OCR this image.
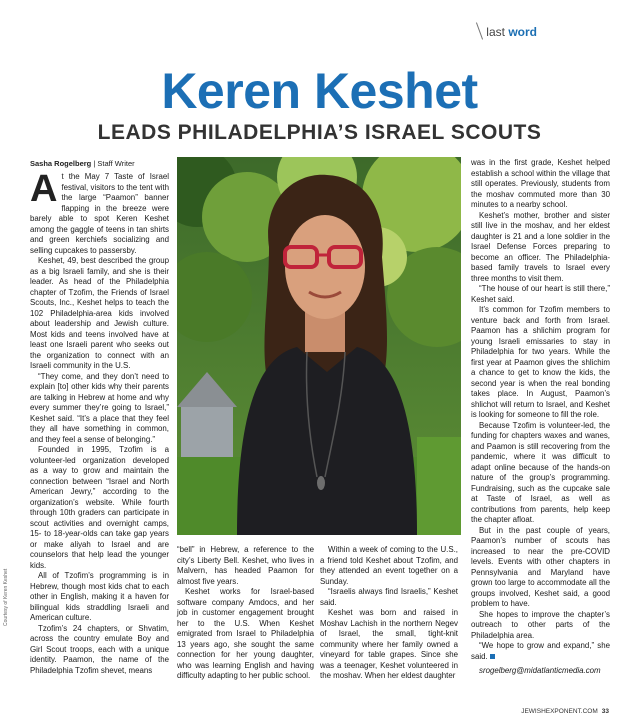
last word
Keren Keshet
LEADS PHILADELPHIA’S ISRAEL SCOUTS
Sasha Rogelberg | Staff Writer
Courtesy of Keren Keshet

At the May 7 Taste of Israel festival, visitors to the tent with the large “Paamon” banner flapping in the breeze were barely able to spot Keren Keshet among the gaggle of teens in tan shirts and green kerchiefs socializing and selling cupcakes to passersby.

Keshet, 49, best described the group as a big Israeli family, and she is their leader. As head of the Philadelphia chapter of Tzofim, the Friends of Israel Scouts, Inc., Keshet helps to teach the 102 Philadelphia-area kids involved about leadership and Jewish culture. Most kids and teens involved have at least one Israeli parent who seeks out the organization to connect with an Israeli community in the U.S.

“They come, and they don’t need to explain [to] other kids why their parents are talking in Hebrew at home and why every summer they’re going to Israel,” Keshet said. “It’s a place that they feel they all have something in common, and they feel a sense of belonging.”

Founded in 1995, Tzofim is a volunteer-led organization developed as a way to grow and maintain the connection between “Israel and North American Jewry,” according to the organization’s website. While fourth through 10th graders can participate in scout activities and overnight camps, 15- to 18-year-olds can take gap years or make aliyah to Israel and are counselors that help lead the younger kids.

All of Tzofim’s programming is in Hebrew, though most kids chat to each other in English, making it a haven for bilingual kids straddling Israeli and American culture.

Tzofim’s 24 chapters, or Shvatim, across the country emulate Boy and Girl Scout troops, each with a unique identity. Paamon, the name of the Philadelphia Tzofim shevet, means

“bell” in Hebrew, a reference to the city’s Liberty Bell. Keshet, who lives in Malvern, has headed Paamon for almost five years.

Keshet works for Israel-based software company Amdocs, and her job in customer engagement brought her to the U.S. When Keshet emigrated from Israel to Philadelphia 13 years ago, she sought the same connection for her young daughter, who was learning English and having difficulty adapting to her public school.

Within a week of coming to the U.S., a friend told Keshet about Tzofim, and they attended an event together on a Sunday.

“Israelis always find Israelis,” Keshet said.

Keshet was born and raised in Moshav Lachish in the northern Negev of Israel, the small, tight-knit community where her family owned a vineyard for table grapes. Since she was a teenager, Keshet volunteered in the moshav. When her eldest daughter

was in the first grade, Keshet helped establish a school within the village that still operates. Previously, students from the moshav commuted more than 30 minutes to a nearby school.

Keshet’s mother, brother and sister still live in the moshav, and her eldest daughter is 21 and a lone soldier in the Israel Defense Forces preparing to become an officer. The Philadelphia-based family travels to Israel every three months to visit them.

“The house of our heart is still there,” Keshet said.

It’s common for Tzofim members to venture back and forth from Israel. Paamon has a shlichim program for young Israeli emissaries to stay in Philadelphia for two years. While the first year at Paamon gives the shlichim a chance to get to know the kids, the second year is when the real bonding takes place. In August, Paamon’s shlichot will return to Israel, and Keshet is looking for someone to fill the role.

Because Tzofim is volunteer-led, the funding for chapters waxes and wanes, and Paamon is still recovering from the pandemic, where it was difficult to adapt online because of the hands-on nature of the group’s programming. Fundraising, such as the cupcake sale at Taste of Israel, as well as contributions from parents, help keep the chapter afloat.

But in the past couple of years, Paamon’s number of scouts has increased to near the pre-COVID levels. Events with other chapters in Pennsylvania and Maryland have grown too large to accommodate all the groups involved, Keshet said, a good problem to have.

She hopes to improve the chapter’s outreach to other parts of the Philadelphia area.

“We hope to grow and expand,” she said.

srogelberg@midatlanticmedia.com

JEWISHEXPONENT.COM 33
